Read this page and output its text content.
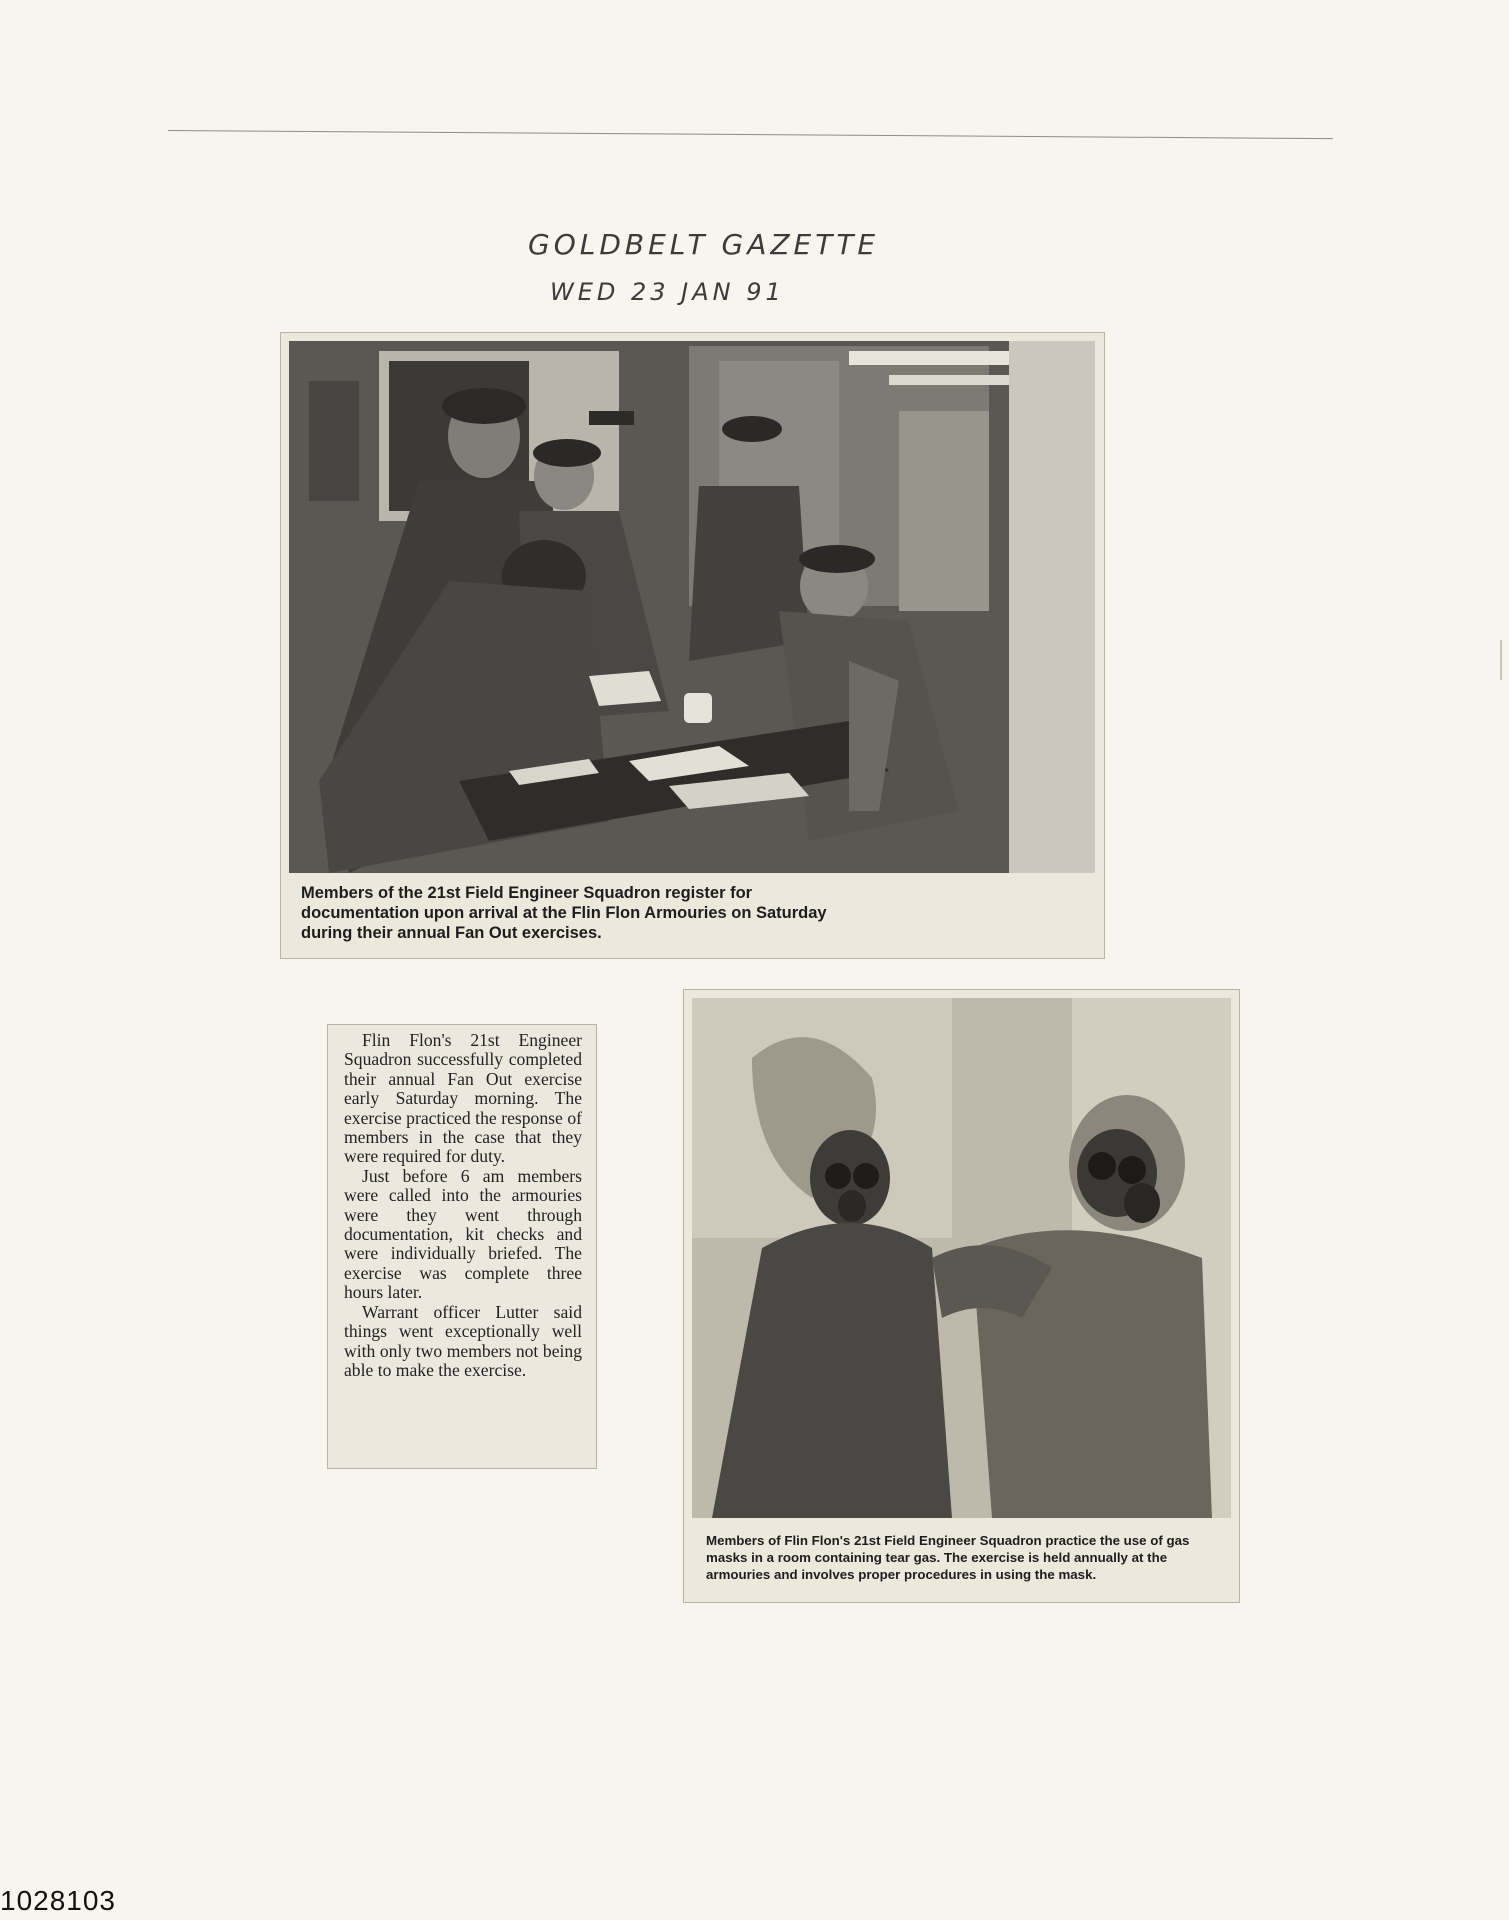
GOLDBELT GAZETTE
WED 23 JAN 91
Members of the 21st Field Engineer Squadron register for documentation upon arrival at the Flin Flon Armouries on Saturday during their annual Fan Out exercises.

Flin Flon's 21st Engineer Squadron successfully completed their annual Fan Out exercise early Saturday morning. The exercise practiced the response of members in the case that they were required for duty.

Just before 6 am members were called into the armouries were they went through documentation, kit checks and were individually briefed. The exercise was complete three hours later.

Warrant officer Lutter said things went exceptionally well with only two members not being able to make the exercise.

Members of Flin Flon's 21st Field Engineer Squadron practice the use of gas masks in a room containing tear gas. The exercise is held annually at the armouries and involves proper procedures in using the mask.
1028103
